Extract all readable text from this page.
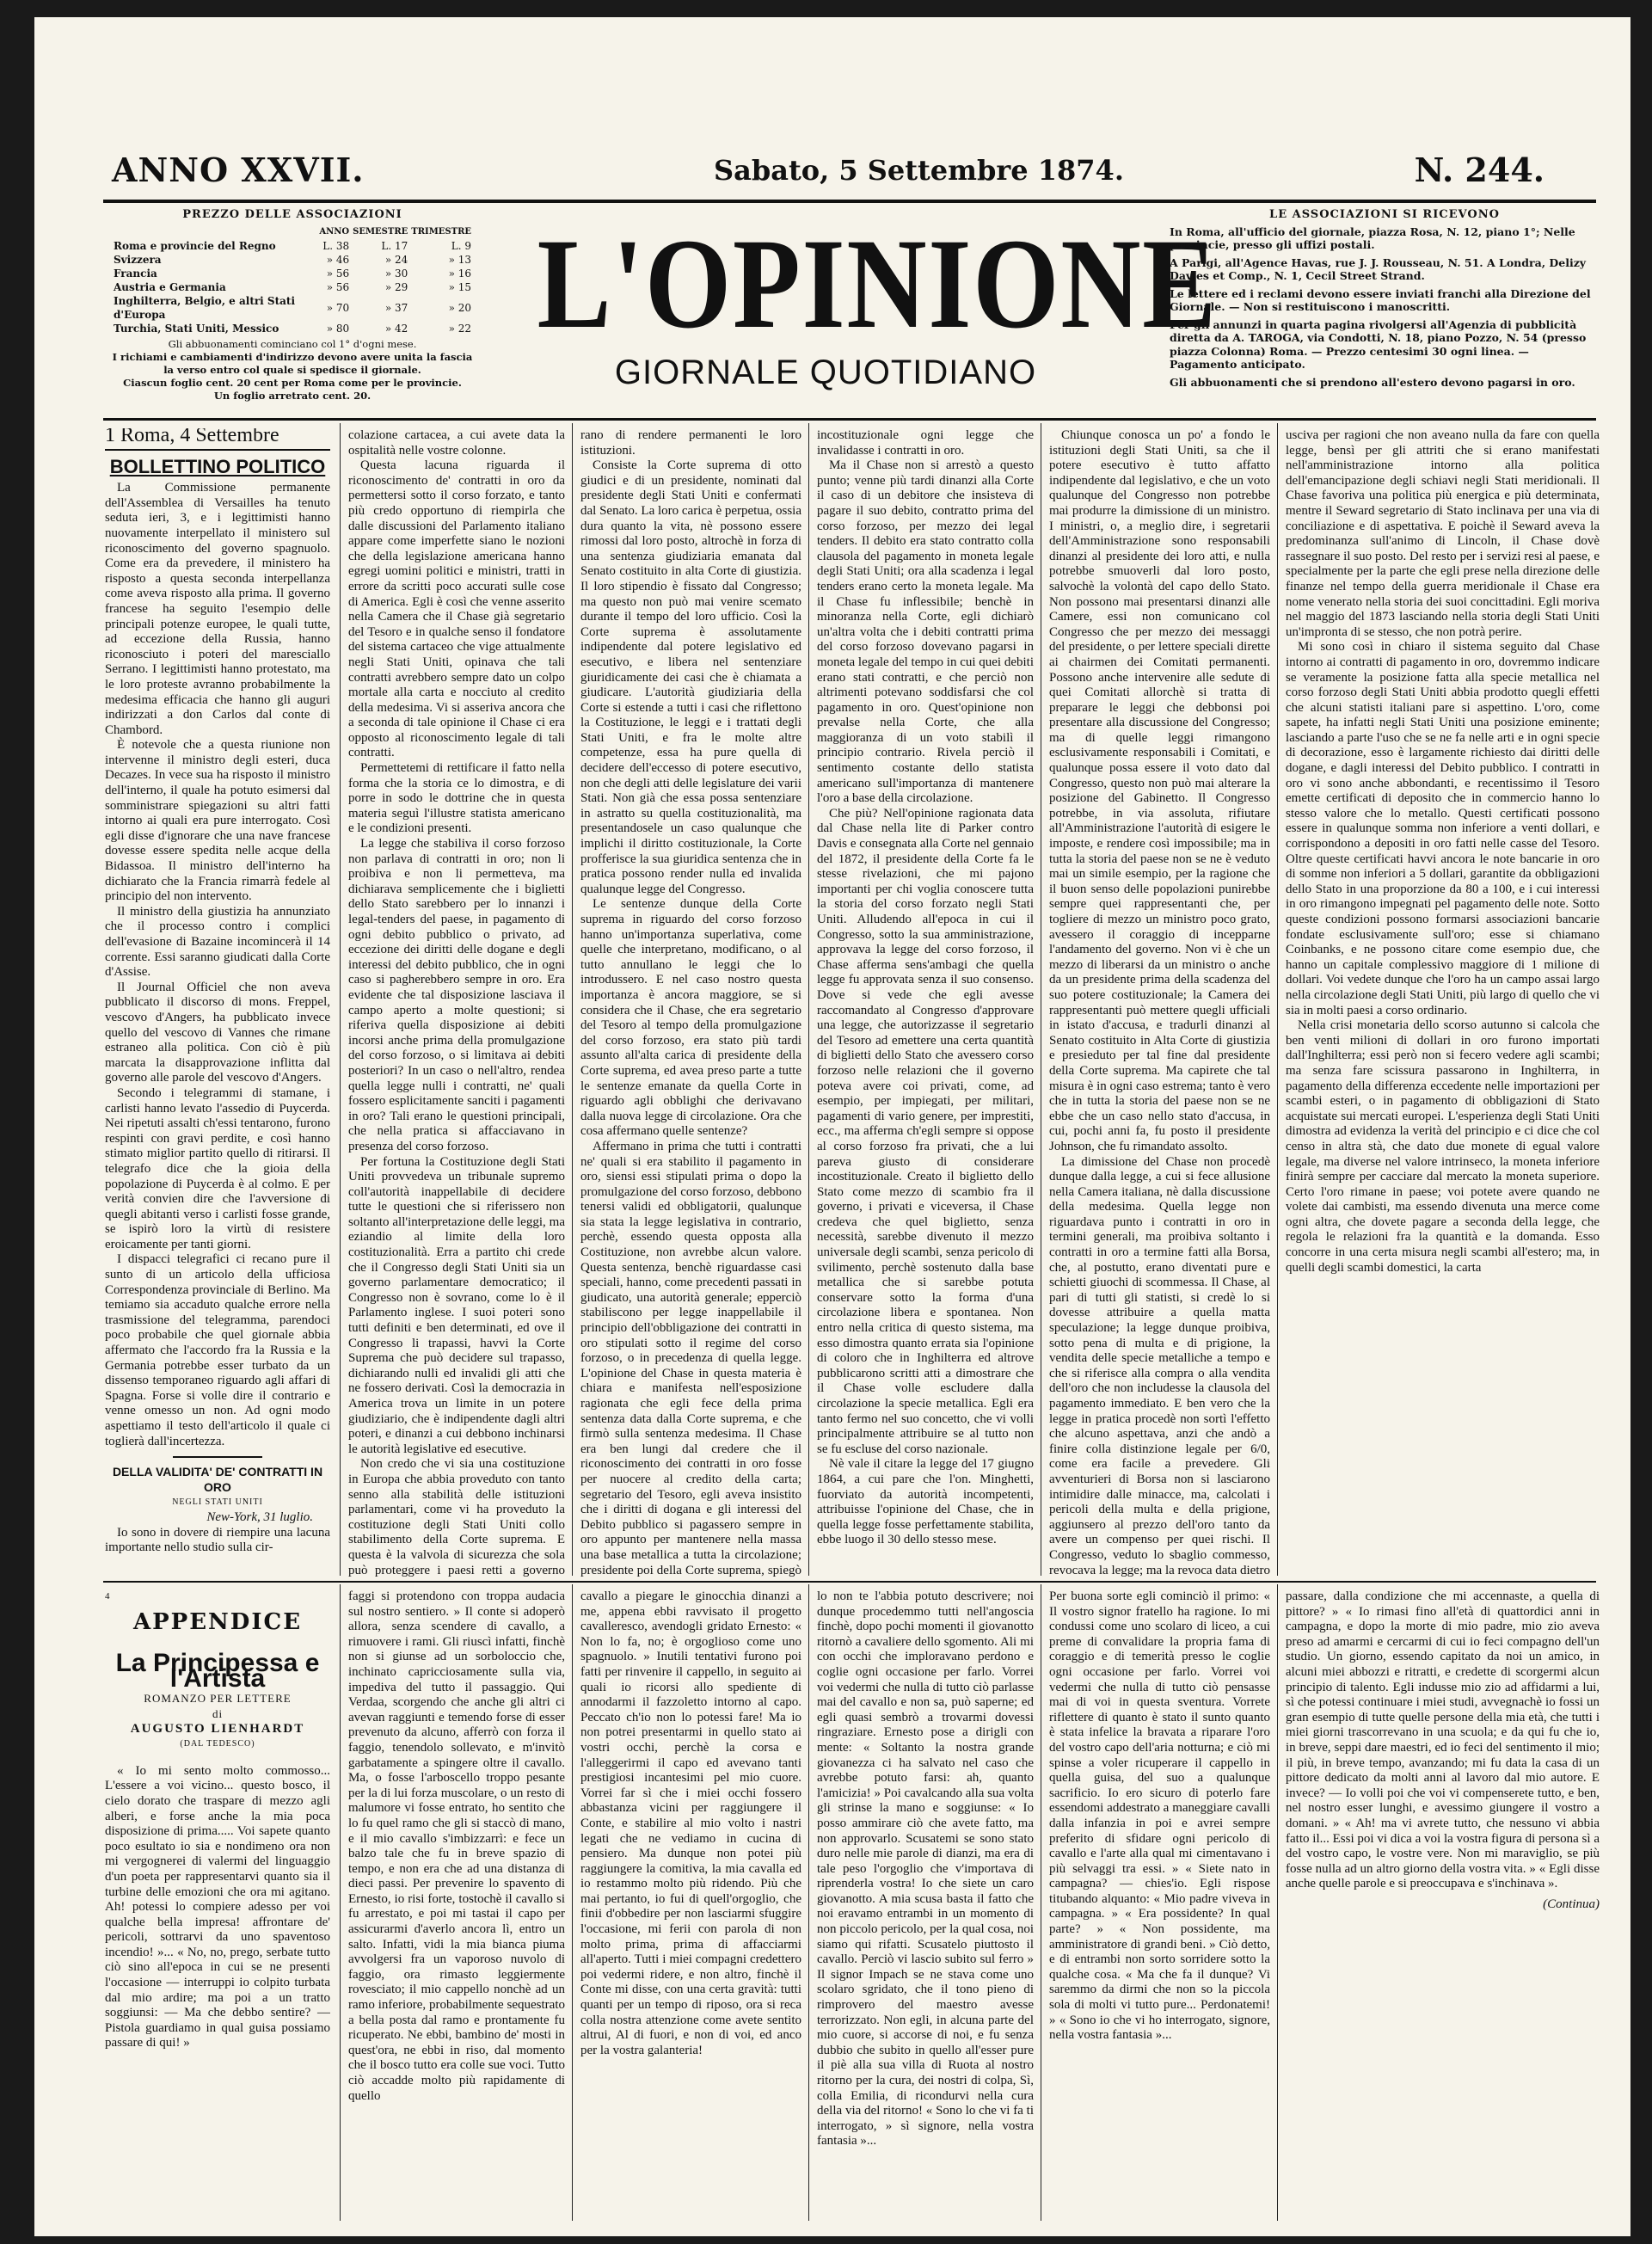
ANNO XXVII.	Sabato, 5 Settembre 1874.	N. 244.
PREZZO DELLE ASSOCIAZIONI
	ANNO	SEMESTRE	TRIMESTRE
Roma e provincie del Regno	L. 38	L. 17	L. 9
Svizzera	» 46	» 24	» 13
Francia	» 56	» 30	» 16
Austria e Germania	» 56	» 29	» 15
Inghilterra, Belgio, e altri Stati d'Europa	» 70	» 37	» 20
Turchia, Stati Uniti, Messico	» 80	» 42	» 22
Gli abbuonamenti cominciano col 1° d'ogni mese.
I richiami e cambiamenti d'indirizzo devono avere unita la fascia la verso entro col quale si spedisce il giornale.
Ciascun foglio cent. 20 cent per Roma come per le provincie.
Un foglio arretrato cent. 20.
L'OPINIONE
GIORNALE QUOTIDIANO
LE ASSOCIAZIONI SI RICEVONO
In Roma, all'ufficio del giornale, piazza Rosa, N. 12, piano 1°; Nelle provincie, presso gli uffizi postali.
A Parigi, all'Agence Havas, rue J. J. Rousseau, N. 51. A Londra, Delizy Davies et Comp., N. 1, Cecil Street Strand.
Le lettere ed i reclami devono essere inviati franchi alla Direzione del Giornale. — Non si restituiscono i manoscritti.
Per gli annunzi in quarta pagina rivolgersi all'Agenzia di pubblicità diretta da A. TAROGA, via Condotti, N. 18, piano Pozzo, N. 54 (presso piazza Colonna) Roma. — Prezzo centesimi 30 ogni linea. — Pagamento anticipato.
Gli abbuonamenti che si prendono all'estero devono pagarsi in oro.
1 Roma, 4 Settembre
BOLLETTINO POLITICO

La Commissione permanente dell'Assemblea di Versailles ha tenuto seduta ieri, 3, e i legittimisti hanno nuovamente interpellato il ministero sul riconoscimento del governo spagnuolo. Come era da prevedere, il ministero ha risposto a questa seconda interpellanza come aveva risposto alla prima. Il governo francese ha seguito l'esempio delle principali potenze europee, le quali tutte, ad eccezione della Russia, hanno riconosciuto i poteri del maresciallo Serrano. I legittimisti hanno protestato, ma le loro proteste avranno probabilmente la medesima efficacia che hanno gli auguri indirizzati a don Carlos dal conte di Chambord.

È notevole che a questa riunione non intervenne il ministro degli esteri, duca Decazes. In vece sua ha risposto il ministro dell'interno, il quale ha potuto esimersi dal somministrare spiegazioni su altri fatti intorno ai quali era pure interrogato. Così egli disse d'ignorare che una nave francese dovesse essere spedita nelle acque della Bidassoa. Il ministro dell'interno ha dichiarato che la Francia rimarrà fedele al principio del non intervento.

Il ministro della giustizia ha annunziato che il processo contro i complici dell'evasione di Bazaine incomincerà il 14 corrente. Essi saranno giudicati dalla Corte d'Assise.

Il Journal Officiel che non aveva pubblicato il discorso di mons. Freppel, vescovo d'Angers, ha pubblicato invece quello del vescovo di Vannes che rimane estraneo alla politica. Con ciò è più marcata la disapprovazione inflitta dal governo alle parole del vescovo d'Angers.

Secondo i telegrammi di stamane, i carlisti hanno levato l'assedio di Puycerda. Nei ripetuti assalti ch'essi tentarono, furono respinti con gravi perdite, e così hanno stimato miglior partito quello di ritirarsi. Il telegrafo dice che la gioia della popolazione di Puycerda è al colmo. E per verità convien dire che l'avversione di quegli abitanti verso i carlisti fosse grande, se ispirò loro la virtù di resistere eroicamente per tanti giorni.

I dispacci telegrafici ci recano pure il sunto di un articolo della ufficiosa Correspondenza provinciale di Berlino. Ma temiamo sia accaduto qualche errore nella trasmissione del telegramma, parendoci poco probabile che quel giornale abbia affermato che l'accordo fra la Russia e la Germania potrebbe esser turbato da un dissenso temporaneo riguardo agli affari di Spagna. Forse si volle dire il contrario e venne omesso un non. Ad ogni modo aspettiamo il testo dell'articolo il quale ci toglierà dall'incertezza.

DELLA VALIDITA' DE' CONTRATTI IN ORO
NEGLI STATI UNITI
New-York, 31 luglio.

Io sono in dovere di riempire una lacuna importante nello studio sulla cir-

colazione cartacea, a cui avete data la ospitalità nelle vostre colonne.

Questa lacuna riguarda il riconoscimento de' contratti in oro da permettersi sotto il corso forzato, e tanto più credo opportuno di riempirla che dalle discussioni del Parlamento italiano appare come imperfette siano le nozioni che della legislazione americana hanno egregi uomini politici e ministri, tratti in errore da scritti poco accurati sulle cose di America. Egli è così che venne asserito nella Camera che il Chase già segretario del Tesoro e in qualche senso il fondatore del sistema cartaceo che vige attualmente negli Stati Uniti, opinava che tali contratti avrebbero sempre dato un colpo mortale alla carta e nocciuto al credito della medesima. Vi si asseriva ancora che a seconda di tale opinione il Chase ci era opposto al riconoscimento legale di tali contratti.

Permettetemi di rettificare il fatto nella forma che la storia ce lo dimostra, e di porre in sodo le dottrine che in questa materia seguì l'illustre statista americano e le condizioni presenti.

La legge che stabiliva il corso forzoso non parlava di contratti in oro; non li proibiva e non li permetteva, ma dichiarava semplicemente che i biglietti dello Stato sarebbero per lo innanzi i legal-tenders del paese, in pagamento di ogni debito pubblico o privato, ad eccezione dei diritti delle dogane e degli interessi del debito pubblico, che in ogni caso si pagherebbero sempre in oro. Era evidente che tal disposizione lasciava il campo aperto a molte questioni; si riferiva quella disposizione ai debiti incorsi anche prima della promulgazione del corso forzoso, o si limitava ai debiti posteriori? In un caso o nell'altro, rendea quella legge nulli i contratti, ne' quali fossero esplicitamente sanciti i pagamenti in oro? Tali erano le questioni principali, che nella pratica si affacciavano in presenza del corso forzoso.

Per fortuna la Costituzione degli Stati Uniti provvedeva un tribunale supremo coll'autorità inappellabile di decidere tutte le questioni che si riferissero non soltanto all'interpretazione delle leggi, ma eziandio al limite della loro costituzionalità. Erra a partito chi crede che il Congresso degli Stati Uniti sia un governo parlamentare democratico; il Congresso non è sovrano, come lo è il Parlamento inglese. I suoi poteri sono tutti definiti e ben determinati, ed ove il Congresso li trapassi, havvi la Corte Suprema che può decidere sul trapasso, dichiarando nulli ed invalidi gli atti che ne fossero derivati. Così la democrazia in America trova un limite in un potere giudiziario, che è indipendente dagli altri poteri, e dinanzi a cui debbono inchinarsi le autorità legislative ed esecutive.

Non credo che vi sia una costituzione in Europa che abbia proveduto con tanto senno alla stabilità delle istituzioni parlamentari, come vi ha proveduto la costituzione degli Stati Uniti collo stabilimento della Corte suprema. E questa è la valvola di sicurezza che sola può proteggere i paesi retti a governo

rano di rendere permanenti le loro istituzioni.

Consiste la Corte suprema di otto giudici e di un presidente, nominati dal presidente degli Stati Uniti e confermati dal Senato. La loro carica è perpetua, ossia dura quanto la vita, nè possono essere rimossi dal loro posto, altrochè in forza di una sentenza giudiziaria emanata dal Senato costituito in alta Corte di giustizia. Il loro stipendio è fissato dal Congresso; ma questo non può mai venire scemato durante il tempo del loro ufficio. Così la Corte suprema è assolutamente indipendente dal potere legislativo ed esecutivo, e libera nel sentenziare giuridicamente dei casi che è chiamata a giudicare. L'autorità giudiziaria della Corte si estende a tutti i casi che riflettono la Costituzione, le leggi e i trattati degli Stati Uniti, e fra le molte altre competenze, essa ha pure quella di decidere dell'eccesso di potere esecutivo, non che degli atti delle legislature dei varii Stati. Non già che essa possa sentenziare in astratto su quella costituzionalità, ma presentandosele un caso qualunque che implichi il diritto costituzionale, la Corte profferisce la sua giuridica sentenza che in pratica possono render nulla ed invalida qualunque legge del Congresso.

Le sentenze dunque della Corte suprema in riguardo del corso forzoso hanno un'importanza superlativa, come quelle che interpretano, modificano, o al tutto annullano le leggi che lo introdussero. E nel caso nostro questa importanza è ancora maggiore, se si considera che il Chase, che era segretario del Tesoro al tempo della promulgazione del corso forzoso, era stato più tardi assunto all'alta carica di presidente della Corte suprema, ed avea preso parte a tutte le sentenze emanate da quella Corte in riguardo agli obblighi che derivavano dalla nuova legge di circolazione. Ora che cosa affermano quelle sentenze?

Affermano in prima che tutti i contratti ne' quali si era stabilito il pagamento in oro, siensi essi stipulati prima o dopo la promulgazione del corso forzoso, debbono tenersi validi ed obbligatorii, qualunque sia stata la legge legislativa in contrario, perchè, essendo questa opposta alla Costituzione, non avrebbe alcun valore. Questa sentenza, benchè riguardasse casi speciali, hanno, come precedenti passati in giudicato, una autorità generale; epperciò stabiliscono per legge inappellabile il principio dell'obbligazione dei contratti in oro stipulati sotto il regime del corso forzoso, o in precedenza di quella legge. L'opinione del Chase in questa materia è chiara e manifesta nell'esposizione ragionata che egli fece della prima sentenza data dalla Corte suprema, e che firmò sulla sentenza medesima. Il Chase era ben lungi dal credere che il riconoscimento dei contratti in oro fosse per nuocere al credito della carta; segretario del Tesoro, egli aveva insistito che i diritti di dogana e gli interessi del Debito pubblico si pagassero sempre in oro appunto per mantenere nella massa una base metallica a tutta la circolazione; presidente poi della Corte suprema, spiegò

incostituzionale ogni legge che invalidasse i contratti in oro.

Ma il Chase non si arrestò a questo punto; venne più tardi dinanzi alla Corte il caso di un debitore che insisteva di pagare il suo debito, contratto prima del corso forzoso, per mezzo dei legal tenders. Il debito era stato contratto colla clausola del pagamento in moneta legale degli Stati Uniti; ora alla scadenza i legal tenders erano certo la moneta legale. Ma il Chase fu inflessibile; benchè in minoranza nella Corte, egli dichiarò un'altra volta che i debiti contratti prima del corso forzoso dovevano pagarsi in moneta legale del tempo in cui quei debiti erano stati contratti, e che perciò non altrimenti potevano soddisfarsi che col pagamento in oro. Quest'opinione non prevalse nella Corte, che alla maggioranza di un voto stabilì il principio contrario. Rivela perciò il sentimento costante dello statista americano sull'importanza di mantenere l'oro a base della circolazione.

Che più? Nell'opinione ragionata data dal Chase nella lite di Parker contro Davis e consegnata alla Corte nel gennaio del 1872, il presidente della Corte fa le stesse rivelazioni, che mi pajono importanti per chi voglia conoscere tutta la storia del corso forzato negli Stati Uniti. Alludendo all'epoca in cui il Congresso, sotto la sua amministrazione, approvava la legge del corso forzoso, il Chase afferma sens'ambagi che quella legge fu approvata senza il suo consenso. Dove si vede che egli avesse raccomandato al Congresso d'approvare una legge, che autorizzasse il segretario del Tesoro ad emettere una certa quantità di biglietti dello Stato che avessero corso forzoso nelle relazioni che il governo poteva avere coi privati, come, ad esempio, per impiegati, per militari, pagamenti di vario genere, per imprestiti, ecc., ma afferma ch'egli sempre si oppose al corso forzoso fra privati, che a lui pareva giusto di considerare incostituzionale. Creato il biglietto dello Stato come mezzo di scambio fra il governo, i privati e viceversa, il Chase credeva che quel biglietto, senza necessità, sarebbe divenuto il mezzo universale degli scambi, senza pericolo di svilimento, perchè sostenuto dalla base metallica che si sarebbe potuta conservare sotto la forma d'una circolazione libera e spontanea. Non entro nella critica di questo sistema, ma esso dimostra quanto errata sia l'opinione di coloro che in Inghilterra ed altrove pubblicarono scritti atti a dimostrare che il Chase volle escludere dalla circolazione la specie metallica. Egli era tanto fermo nel suo concetto, che vi volli principalmente attribuire se al tutto non se fu escluse del corso nazionale.

Nè vale il citare la legge del 17 giugno 1864, a cui pare che l'on. Minghetti, fuorviato da autorità incompetenti, attribuisse l'opinione del Chase, che in quella legge fosse perfettamente stabilita, ebbe luogo il 30 dello stesso mese.

Chiunque conosca un po' a fondo le istituzioni degli Stati Uniti, sa che il potere esecutivo è tutto affatto indipendente dal legislativo, e che un voto qualunque del Congresso non potrebbe mai produrre la dimissione di un ministro. I ministri, o, a meglio dire, i segretarii dell'Amministrazione sono responsabili dinanzi al presidente dei loro atti, e nulla potrebbe smuoverli dal loro posto, salvochè la volontà del capo dello Stato. Non possono mai presentarsi dinanzi alle Camere, essi non comunicano col Congresso che per mezzo dei messaggi del presidente, o per lettere speciali dirette ai chairmen dei Comitati permanenti. Possono anche intervenire alle sedute di quei Comitati allorchè si tratta di preparare le leggi che debbonsi poi presentare alla discussione del Congresso; ma di quelle leggi rimangono esclusivamente responsabili i Comitati, e qualunque possa essere il voto dato dal Congresso, questo non può mai alterare la posizione del Gabinetto. Il Congresso potrebbe, in via assoluta, rifiutare all'Amministrazione l'autorità di esigere le imposte, e rendere così impossibile; ma in tutta la storia del paese non se ne è veduto mai un simile esempio, per la ragione che il buon senso delle popolazioni punirebbe sempre quei rappresentanti che, per togliere di mezzo un ministro poco grato, avessero il coraggio di incepparne l'andamento del governo. Non vi è che un mezzo di liberarsi da un ministro o anche da un presidente prima della scadenza del suo potere costituzionale; la Camera dei rappresentanti può mettere quegli ufficiali in istato d'accusa, e tradurli dinanzi al Senato costituito in Alta Corte di giustizia e presieduto per tal fine dal presidente della Corte suprema. Ma capirete che tal misura è in ogni caso estrema; tanto è vero che in tutta la storia del paese non se ne ebbe che un caso nello stato d'accusa, in cui, pochi anni fa, fu posto il presidente Johnson, che fu rimandato assolto.

La dimissione del Chase non procedè dunque dalla legge, a cui si fece allusione nella Camera italiana, nè dalla discussione della medesima. Quella legge non riguardava punto i contratti in oro in termini generali, ma proibiva soltanto i contratti in oro a termine fatti alla Borsa, che, al postutto, erano diventati pure e schietti giuochi di scommessa. Il Chase, al pari di tutti gli statisti, si credè lo si dovesse attribuire a quella matta speculazione; la legge dunque proibiva, sotto pena di multa e di prigione, la vendita delle specie metalliche a tempo e che si riferisce alla compra o alla vendita dell'oro che non includesse la clausola del pagamento immediato. E ben vero che la legge in pratica procedè non sortì l'effetto che alcuno aspettava, anzi che andò a finire colla distinzione legale per 6/0, come era facile a prevedere. Gli avventurieri di Borsa non si lasciarono intimidire dalle minacce, ma, calcolati i pericoli della multa e della prigione, aggiunsero al prezzo dell'oro tanto da avere un compenso per quei rischi. Il Congresso, veduto lo sbaglio commesso, revocava la legge; ma la revoca data dietro

usciva per ragioni che non aveano nulla da fare con quella legge, bensì per gli attriti che si erano manifestati nell'amministrazione intorno alla politica dell'emancipazione degli schiavi negli Stati meridionali. Il Chase favoriva una politica più energica e più determinata, mentre il Seward segretario di Stato inclinava per una via di conciliazione e di aspettativa. E poichè il Seward aveva la predominanza sull'animo di Lincoln, il Chase dovè rassegnare il suo posto. Del resto per i servizi resi al paese, e specialmente per la parte che egli prese nella direzione delle finanze nel tempo della guerra meridionale il Chase era nome venerato nella storia dei suoi concittadini. Egli moriva nel maggio del 1873 lasciando nella storia degli Stati Uniti un'impronta di se stesso, che non potrà perire.

Mi sono così in chiaro il sistema seguito dal Chase intorno ai contratti di pagamento in oro, dovremmo indicare se veramente la posizione fatta alla specie metallica nel corso forzoso degli Stati Uniti abbia prodotto quegli effetti che alcuni statisti italiani pare si aspettino. L'oro, come sapete, ha infatti negli Stati Uniti una posizione eminente; lasciando a parte l'uso che se ne fa nelle arti e in ogni specie di decorazione, esso è largamente richiesto dai diritti delle dogane, e dagli interessi del Debito pubblico. I contratti in oro vi sono anche abbondanti, e recentissimo il Tesoro emette certificati di deposito che in commercio hanno lo stesso valore che lo metallo. Questi certificati possono essere in qualunque somma non inferiore a venti dollari, e corrispondono a depositi in oro fatti nelle casse del Tesoro. Oltre queste certificati havvi ancora le note bancarie in oro di somme non inferiori a 5 dollari, garantite da obbligazioni dello Stato in una proporzione da 80 a 100, e i cui interessi in oro rimangono impegnati pel pagamento delle note. Sotto queste condizioni possono formarsi associazioni bancarie fondate esclusivamente sull'oro; esse si chiamano Coinbanks, e ne possono citare come esempio due, che hanno un capitale complessivo maggiore di 1 milione di dollari. Voi vedete dunque che l'oro ha un campo assai largo nella circolazione degli Stati Uniti, più largo di quello che vi sia in molti paesi a corso ordinario.

Nella crisi monetaria dello scorso autunno si calcola che ben venti milioni di dollari in oro furono importati dall'Inghilterra; essi però non si fecero vedere agli scambi; ma senza fare scissura passarono in Inghilterra, in pagamento della differenza eccedente nelle importazioni per scambi esteri, o in pagamento di obbligazioni di Stato acquistate sui mercati europei. L'esperienza degli Stati Uniti dimostra ad evidenza la verità del principio e ci dice che col censo in altra stà, che dato due monete di egual valore legale, ma diverse nel valore intrinseco, la moneta inferiore finirà sempre per cacciare dal mercato la moneta superiore. Certo l'oro rimane in paese; voi potete avere quando ne volete dai cambisti, ma essendo divenuta una merce come ogni altra, che dovete pagare a seconda della legge, che regola le relazioni fra la quantità e la domanda. Esso concorre in una certa misura negli scambi all'estero; ma, in quelli degli scambi domestici, la carta

4
APPENDICE
La Principessa e l'Artista
ROMANZO PER LETTERE
di
AUGUSTO LIENHARDT
(DAL TEDESCO)

« Io mi sento molto commosso... L'essere a voi vicino... questo bosco, il cielo dorato che traspare di mezzo agli alberi, e forse anche la mia poca disposizione di prima..... Voi sapete quanto poco esultato io sia e nondimeno ora non mi vergognerei di valermi del linguaggio d'un poeta per rappresentarvi quanto sia il turbine delle emozioni che ora mi agitano. Ah! potessi lo compiere adesso per voi qualche bella impresa! affrontare de' pericoli, sottrarvi da uno spaventoso incendio! »... « No, no, prego, serbate tutto ciò sino all'epoca in cui se ne presenti l'occasione — interruppi io colpito turbata dal mio ardire; ma poi a un tratto soggiunsi: — Ma che debbo sentire? — Pistola guardiamo in qual guisa possiamo passare di qui! »

faggi si protendono con troppa audacia sul nostro sentiero. » Il conte si adoperò allora, senza scendere di cavallo, a rimuovere i rami. Gli riuscì infatti, finchè non si giunse ad un sorboloccio che, inchinato capricciosamente sulla via, impediva del tutto il passaggio. Qui Verdaa, scorgendo che anche gli altri ci avevan raggiunti e temendo forse di esser prevenuto da alcuno, afferrò con forza il faggio, tenendolo sollevato, e m'invitò garbatamente a spingere oltre il cavallo. Ma, o fosse l'arboscello troppo pesante per la di lui forza muscolare, o un resto di malumore vi fosse entrato, ho sentito che lo fu quel ramo che gli si staccò di mano, e il mio cavallo s'imbizzarrì: e fece un balzo tale che fu in breve spazio di tempo, e non era che ad una distanza di dieci passi. Per prevenire lo spavento di Ernesto, io risi forte, tostochè il cavallo si fu arrestato, e poi mi tastai il capo per assicurarmi d'averlo ancora lì, entro un salto. Infatti, vidi la mia bianca piuma avvolgersi fra un vaporoso nuvolo di faggio, ora rimasto leggiermente rovesciato; il mio cappello nonchè ad un ramo inferiore, probabilmente sequestrato a bella posta dal ramo e prontamente fu ricuperato. Ne ebbi, bambino de' mosti in quest'ora, ne ebbi in riso, dal momento che il bosco tutto era colle sue voci. Tutto ciò accadde molto più rapidamente di quello

cavallo a piegare le ginocchia dinanzi a me, appena ebbi ravvisato il progetto cavalleresco, avendogli gridato Ernesto: « Non lo fa, no; è orgoglioso come uno spagnuolo. » Inutili tentativi furono poi fatti per rinvenire il cappello, in seguito ai quali io ricorsi allo spediente di annodarmi il fazzoletto intorno al capo. Peccato ch'io non lo potessi fare! Ma io non potrei presentarmi in quello stato ai vostri occhi, perchè la corsa e l'alleggerirmi il capo ed avevano tanti prestigiosi incantesimi pel mio cuore. Vorrei far sì che i miei occhi fossero abbastanza vicini per raggiungere il Conte, e stabilire al mio volto i nastri legati che ne vediamo in cucina di pensiero. Ma dunque non potei più raggiungere la comitiva, la mia cavalla ed io restammo molto più ridendo. Più che mai pertanto, io fui di quell'orgoglio, che finii d'obbedire per non lasciarmi sfuggire l'occasione, mi ferii con parola di non molto prima, prima di affacciarmi all'aperto. Tutti i miei compagni credettero poi vedermi ridere, e non altro, finchè il Conte mi disse, con una certa gravità: tutti quanti per un tempo di riposo, ora si reca colla nostra attenzione come avete sentito altrui, Al di fuori, e non di voi, ed anco per la vostra galanteria!

lo non te l'abbia potuto descrivere; noi dunque procedemmo tutti nell'angoscia finchè, dopo pochi momenti il giovanotto ritornò a cavaliere dello sgomento. Ali mi con occhi che imploravano perdono e coglie ogni occasione per farlo. Vorrei voi vedermi che nulla di tutto ciò parlasse mai del cavallo e non sa, può saperne; ed egli quasi sembrò a trovarmi dovessi ringraziare. Ernesto pose a dirigli con mente: « Soltanto la nostra grande giovanezza ci ha salvato nel caso che avrebbe potuto farsi: ah, quanto l'amicizia! » Poi cavalcando alla sua volta gli strinse la mano e soggiunse: « Io posso ammirare ciò che avete fatto, ma non approvarlo. Scusatemi se sono stato duro nelle mie parole di dianzi, ma era di tale peso l'orgoglio che v'importava di riprenderla vostra! Io che siete un caro giovanotto. A mia scusa basta il fatto che noi eravamo entrambi in un momento di non piccolo pericolo, per la qual cosa, noi siamo qui rifatti. Scusatelo piuttosto il cavallo. Perciò vi lascio subito sul ferro » Il signor Impach se ne stava come uno scolaro sgridato, che il tono pieno di rimprovero del maestro avesse terrorizzato. Non egli, in alcuna parte del mio cuore, si accorse di noi, e fu senza dubbio che subito in quello all'esser pure il piè alla sua villa di Ruota al nostro ritorno per la cura, dei nostri di colpa, Sì, colla Emilia, di ricondurvi nella cura della via del ritorno! « Sono lo che vi fa ti interrogato, » sì signore, nella vostra fantasia »...

Per buona sorte egli cominciò il primo: « Il vostro signor fratello ha ragione. Io mi condussi come uno scolaro di liceo, a cui preme di convalidare la propria fama di coraggio e di temerità presso le coglie ogni occasione per farlo. Vorrei voi vedermi che nulla di tutto ciò pensasse mai di voi in questa sventura. Vorrete riflettere di quanto è stato il sunto quanto è stata infelice la bravata a riparare l'oro del vostro capo dell'aria notturna; e ciò mi spinse a voler ricuperare il cappello in quella guisa, del suo a qualunque sacrificio. Io ero sicuro di poterlo fare essendomi addestrato a maneggiare cavalli dalla infanzia in poi e avrei sempre preferito di sfidare ogni pericolo di cavallo e l'arte alla qual mi cimentavano i più selvaggi tra essi. » « Siete nato in campagna? — chies'io. Egli rispose titubando alquanto: « Mio padre viveva in campagna. » « Era possidente? In qual parte? » « Non possidente, ma amministratore di grandi beni. » Ciò detto, e di entrambi non sorto sorridere sotto la qualche cosa. « Ma che fa il dunque? Vi saremmo da dirmi che non so la piccola sola di molti vi tutto pure... Perdonatemi! » « Sono io che vi ho interrogato, signore, nella vostra fantasia »...

passare, dalla condizione che mi accennaste, a quella di pittore? » « Io rimasi fino all'età di quattordici anni in campagna, e dopo la morte di mio padre, mio zio aveva preso ad amarmi e cercarmi di cui io feci compagno dell'un studio. Un giorno, essendo capitato da noi un amico, in alcuni miei abbozzi e ritratti, e credette di scorgermi alcun principio di talento. Egli indusse mio zio ad affidarmi a lui, sì che potessi continuare i miei studi, avvegnachè io fossi un gran esempio di tutte quelle persone della mia età, che tutti i miei giorni trascorrevano in una scuola; e da qui fu che io, in breve, seppi dare maestri, ed io feci del sentimento il mio; il più, in breve tempo, avanzando; mi fu data la casa di un pittore dedicato da molti anni al lavoro dal mio autore. E invece? — Io volli poi che voi vi compenserete tutto, e ben, nel nostro esser lunghi, e avessimo giungere il vostro a domani. » « Ah! ma vi avrete tutto, che nessuno vi abbia fatto il... Essi poi vi dica a voi la vostra figura di persona sì a del vostro capo, le vostre vere. Non mi maraviglio, se più fosse nulla ad un altro giorno della vostra vita. » « Egli disse anche quelle parole e si preoccupava e s'inchinava ».

(Continua)
